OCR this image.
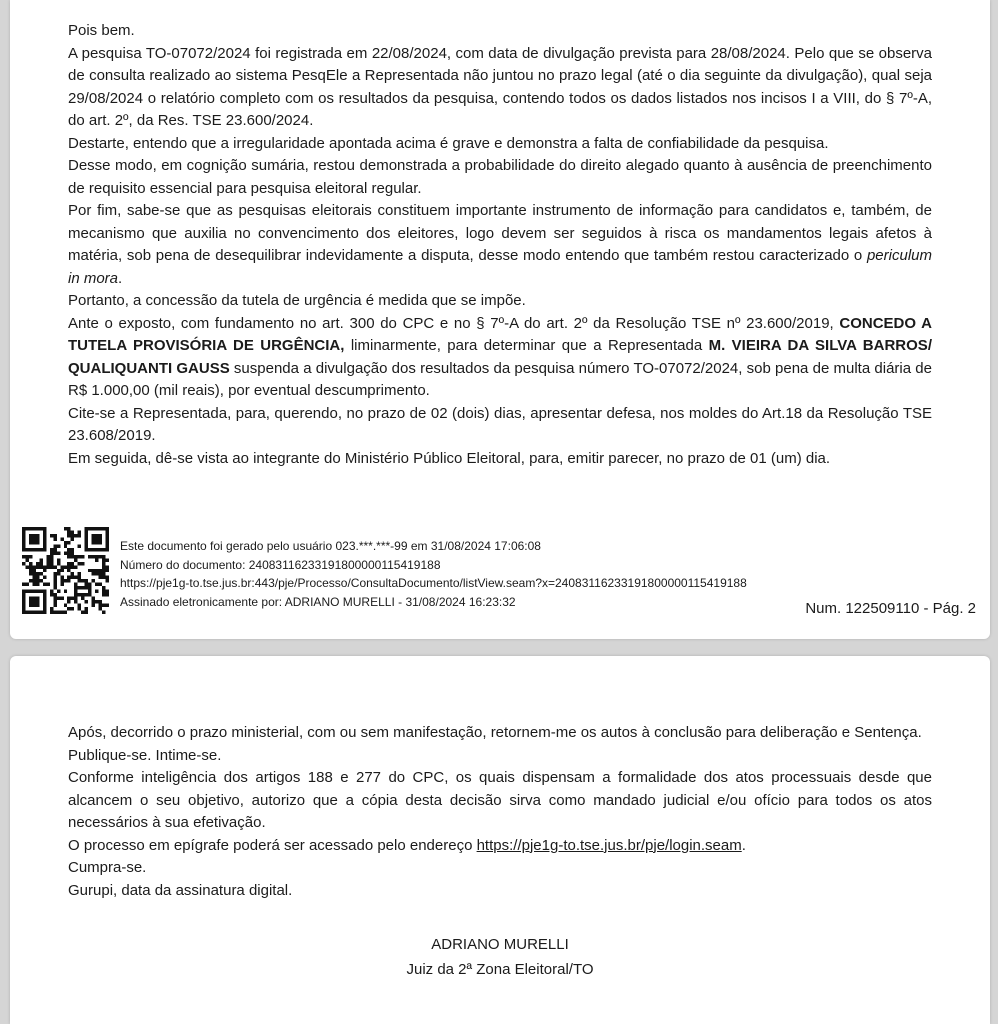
Pois bem.

A pesquisa TO-07072/2024 foi registrada em 22/08/2024, com data de divulgação prevista para 28/08/2024. Pelo que se observa de consulta realizado ao sistema PesqEle a Representada não juntou no prazo legal (até o dia seguinte da divulgação), qual seja 29/08/2024 o relatório completo com os resultados da pesquisa, contendo todos os dados listados nos incisos I a VIII, do § 7º-A, do art. 2º, da Res. TSE 23.600/2024.

Destarte, entendo que a irregularidade apontada acima é grave e demonstra a falta de confiabilidade da pesquisa.

Desse modo, em cognição sumária, restou demonstrada a probabilidade do direito alegado quanto à ausência de preenchimento de requisito essencial para pesquisa eleitoral regular.

Por fim, sabe-se que as pesquisas eleitorais constituem importante instrumento de informação para candidatos e, também, de mecanismo que auxilia no convencimento dos eleitores, logo devem ser seguidos à risca os mandamentos legais afetos à matéria, sob pena de desequilibrar indevidamente a disputa, desse modo entendo que também restou caracterizado o periculum in mora.

Portanto, a concessão da tutela de urgência é medida que se impõe.

Ante o exposto, com fundamento no art. 300 do CPC e no § 7º-A do art. 2º da Resolução TSE nº 23.600/2019, CONCEDO A TUTELA PROVISÓRIA DE URGÊNCIA, liminarmente, para determinar que a Representada M. VIEIRA DA SILVA BARROS/ QUALIQUANTI GAUSS suspenda a divulgação dos resultados da pesquisa número TO-07072/2024, sob pena de multa diária de R$ 1.000,00 (mil reais), por eventual descumprimento.

Cite-se a Representada, para, querendo, no prazo de 02 (dois) dias, apresentar defesa, nos moldes do Art.18 da Resolução TSE 23.608/2019.

Em seguida, dê-se vista ao integrante do Ministério Público Eleitoral, para, emitir parecer, no prazo de 01 (um) dia.

Este documento foi gerado pelo usuário 023.***.***-99 em 31/08/2024 17:06:08
Número do documento: 24083116233191800000115419188
https://pje1g-to.tse.jus.br:443/pje/Processo/ConsultaDocumento/listView.seam?x=24083116233191800000115419188
Assinado eletronicamente por: ADRIANO MURELLI - 31/08/2024 16:23:32	Num. 122509110 - Pág. 2

Após, decorrido o prazo ministerial, com ou sem manifestação, retornem-me os autos à conclusão para deliberação e Sentença.

Publique-se. Intime-se.

Conforme inteligência dos artigos 188 e 277 do CPC, os quais dispensam a formalidade dos atos processuais desde que alcancem o seu objetivo, autorizo que a cópia desta decisão sirva como mandado judicial e/ou ofício para todos os atos necessários à sua efetivação.

O processo em epígrafe poderá ser acessado pelo endereço https://pje1g-to.tse.jus.br/pje/login.seam.

Cumpra-se.

Gurupi, data da assinatura digital.

ADRIANO MURELLI
Juiz da 2ª Zona Eleitoral/TO
